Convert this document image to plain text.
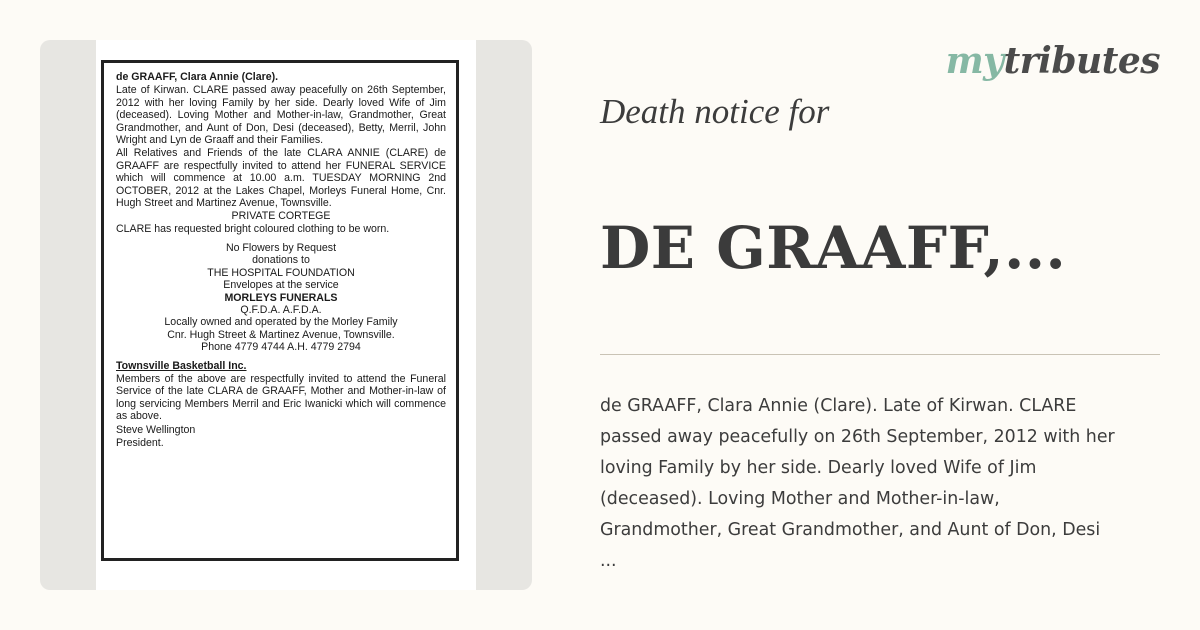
de GRAAFF, Clara Annie (Clare).

Late of Kirwan. CLARE passed away peacefully on 26th September, 2012 with her loving Family by her side. Dearly loved Wife of Jim (deceased). Loving Mother and Mother-in-law, Grandmother, Great Grandmother, and Aunt of Don, Desi (deceased), Betty, Merril, John Wright and Lyn de Graaff and their Families.

All Relatives and Friends of the late CLARA ANNIE (CLARE) de GRAAFF are respectfully invited to attend her FUNERAL SERVICE which will commence at 10.00 a.m. TUESDAY MORNING 2nd OCTOBER, 2012 at the Lakes Chapel, Morleys Funeral Home, Cnr. Hugh Street and Martinez Avenue, Townsville.

PRIVATE CORTEGE

CLARE has requested bright coloured clothing to be worn.

No Flowers by Request

donations to

THE HOSPITAL FOUNDATION

Envelopes at the service

MORLEYS FUNERALS

Q.F.D.A. A.F.D.A.

Locally owned and operated by the Morley Family

Cnr. Hugh Street & Martinez Avenue, Townsville.

Phone 4779 4744 A.H. 4779 2794

Townsville Basketball Inc.

Members of the above are respectfully invited to attend the Funeral Service of the late CLARA de GRAAFF, Mother and Mother-in-law of long servicing Members Merril and Eric Iwanicki which will commence as above.

Steve Wellington

President.

mytributes
Death notice for
DE GRAAFF,...
de GRAAFF, Clara Annie (Clare). Late of Kirwan. CLARE
passed away peacefully on 26th September, 2012 with her
loving Family by her side. Dearly loved Wife of Jim
(deceased). Loving Mother and Mother-in-law,
Grandmother, Great Grandmother, and Aunt of Don, Desi
...
